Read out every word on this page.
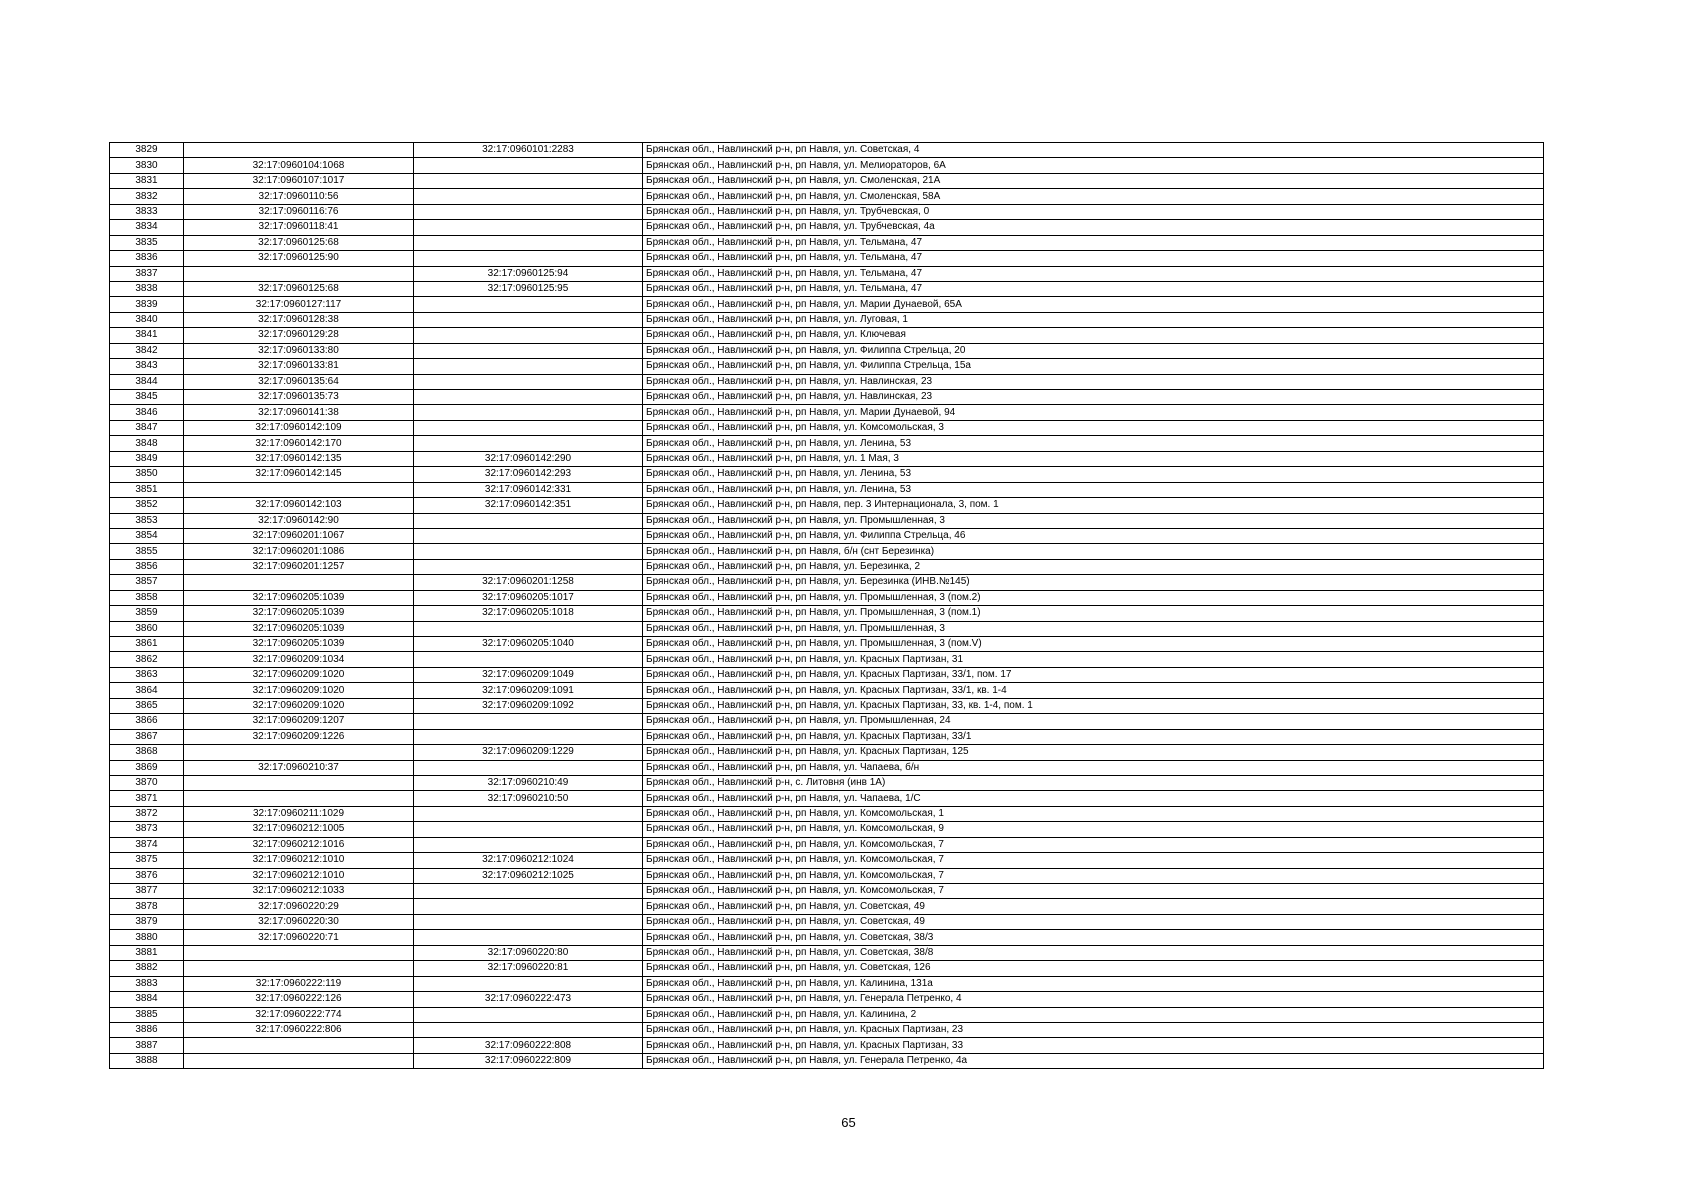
3829		32:17:0960101:2283	Брянская обл., Навлинский р-н, рп Навля, ул. Советская, 4
3830	32:17:0960104:1068		Брянская обл., Навлинский р-н, рп Навля, ул. Мелиораторов, 6А
3831	32:17:0960107:1017		Брянская обл., Навлинский р-н, рп Навля, ул. Смоленская, 21А
3832	32:17:0960110:56		Брянская обл., Навлинский р-н, рп Навля, ул. Смоленская, 58А
3833	32:17:0960116:76		Брянская обл., Навлинский р-н, рп Навля, ул. Трубчевская, 0
3834	32:17:0960118:41		Брянская обл., Навлинский р-н, рп Навля, ул. Трубчевская, 4а
3835	32:17:0960125:68		Брянская обл., Навлинский р-н, рп Навля, ул. Тельмана, 47
3836	32:17:0960125:90		Брянская обл., Навлинский р-н, рп Навля, ул. Тельмана, 47
3837		32:17:0960125:94	Брянская обл., Навлинский р-н, рп Навля, ул. Тельмана, 47
3838	32:17:0960125:68	32:17:0960125:95	Брянская обл., Навлинский р-н, рп Навля, ул. Тельмана, 47
3839	32:17:0960127:117		Брянская обл., Навлинский р-н, рп Навля, ул. Марии Дунаевой, 65А
3840	32:17:0960128:38		Брянская обл., Навлинский р-н, рп Навля, ул. Луговая, 1
3841	32:17:0960129:28		Брянская обл., Навлинский р-н, рп Навля, ул. Ключевая
3842	32:17:0960133:80		Брянская обл., Навлинский р-н, рп Навля, ул. Филиппа Стрельца, 20
3843	32:17:0960133:81		Брянская обл., Навлинский р-н, рп Навля, ул. Филиппа Стрельца, 15а
3844	32:17:0960135:64		Брянская обл., Навлинский р-н, рп Навля, ул. Навлинская, 23
3845	32:17:0960135:73		Брянская обл., Навлинский р-н, рп Навля, ул. Навлинская, 23
3846	32:17:0960141:38		Брянская обл., Навлинский р-н, рп Навля, ул. Марии Дунаевой, 94
3847	32:17:0960142:109		Брянская обл., Навлинский р-н, рп Навля, ул. Комсомольская, 3
3848	32:17:0960142:170		Брянская обл., Навлинский р-н, рп Навля, ул. Ленина, 53
3849	32:17:0960142:135	32:17:0960142:290	Брянская обл., Навлинский р-н, рп Навля, ул. 1 Мая, 3
3850	32:17:0960142:145	32:17:0960142:293	Брянская обл., Навлинский р-н, рп Навля, ул. Ленина, 53
3851		32:17:0960142:331	Брянская обл., Навлинский р-н, рп Навля, ул. Ленина, 53
3852	32:17:0960142:103	32:17:0960142:351	Брянская обл., Навлинский р-н, рп Навля, пер. 3 Интернационала, 3, пом. 1
3853	32:17:0960142:90		Брянская обл., Навлинский р-н, рп Навля, ул. Промышленная, 3
3854	32:17:0960201:1067		Брянская обл., Навлинский р-н, рп Навля, ул. Филиппа Стрельца, 46
3855	32:17:0960201:1086		Брянская обл., Навлинский р-н, рп Навля, б/н (снт Березинка)
3856	32:17:0960201:1257		Брянская обл., Навлинский р-н, рп Навля, ул. Березинка, 2
3857		32:17:0960201:1258	Брянская обл., Навлинский р-н, рп Навля, ул. Березинка (ИНВ.№145)
3858	32:17:0960205:1039	32:17:0960205:1017	Брянская обл., Навлинский р-н, рп Навля, ул. Промышленная, 3 (пом.2)
3859	32:17:0960205:1039	32:17:0960205:1018	Брянская обл., Навлинский р-н, рп Навля, ул. Промышленная, 3 (пом.1)
3860	32:17:0960205:1039		Брянская обл., Навлинский р-н, рп Навля, ул. Промышленная, 3
3861	32:17:0960205:1039	32:17:0960205:1040	Брянская обл., Навлинский р-н, рп Навля, ул. Промышленная, 3 (пом.V)
3862	32:17:0960209:1034		Брянская обл., Навлинский р-н, рп Навля, ул. Красных Партизан, 31
3863	32:17:0960209:1020	32:17:0960209:1049	Брянская обл., Навлинский р-н, рп Навля, ул. Красных Партизан, 33/1, пом. 17
3864	32:17:0960209:1020	32:17:0960209:1091	Брянская обл., Навлинский р-н, рп Навля, ул. Красных Партизан, 33/1, кв. 1-4
3865	32:17:0960209:1020	32:17:0960209:1092	Брянская обл., Навлинский р-н, рп Навля, ул. Красных Партизан, 33, кв. 1-4, пом. 1
3866	32:17:0960209:1207		Брянская обл., Навлинский р-н, рп Навля, ул. Промышленная, 24
3867	32:17:0960209:1226		Брянская обл., Навлинский р-н, рп Навля, ул. Красных Партизан, 33/1
3868		32:17:0960209:1229	Брянская обл., Навлинский р-н, рп Навля, ул. Красных Партизан, 125
3869	32:17:0960210:37		Брянская обл., Навлинский р-н, рп Навля, ул. Чапаева, б/н
3870		32:17:0960210:49	Брянская обл., Навлинский р-н, с. Литовня (инв 1А)
3871		32:17:0960210:50	Брянская обл., Навлинский р-н, рп Навля, ул. Чапаева, 1/С
3872	32:17:0960211:1029		Брянская обл., Навлинский р-н, рп Навля, ул. Комсомольская, 1
3873	32:17:0960212:1005		Брянская обл., Навлинский р-н, рп Навля, ул. Комсомольская, 9
3874	32:17:0960212:1016		Брянская обл., Навлинский р-н, рп Навля, ул. Комсомольская, 7
3875	32:17:0960212:1010	32:17:0960212:1024	Брянская обл., Навлинский р-н, рп Навля, ул. Комсомольская, 7
3876	32:17:0960212:1010	32:17:0960212:1025	Брянская обл., Навлинский р-н, рп Навля, ул. Комсомольская, 7
3877	32:17:0960212:1033		Брянская обл., Навлинский р-н, рп Навля, ул. Комсомольская, 7
3878	32:17:0960220:29		Брянская обл., Навлинский р-н, рп Навля, ул. Советская, 49
3879	32:17:0960220:30		Брянская обл., Навлинский р-н, рп Навля, ул. Советская, 49
3880	32:17:0960220:71		Брянская обл., Навлинский р-н, рп Навля, ул. Советская, 38/3
3881		32:17:0960220:80	Брянская обл., Навлинский р-н, рп Навля, ул. Советская, 38/8
3882		32:17:0960220:81	Брянская обл., Навлинский р-н, рп Навля, ул. Советская, 126
3883	32:17:0960222:119		Брянская обл., Навлинский р-н, рп Навля, ул. Калинина, 131а
3884	32:17:0960222:126	32:17:0960222:473	Брянская обл., Навлинский р-н, рп Навля, ул. Генерала Петренко, 4
3885	32:17:0960222:774		Брянская обл., Навлинский р-н, рп Навля, ул. Калинина, 2
3886	32:17:0960222:806		Брянская обл., Навлинский р-н, рп Навля, ул. Красных Партизан, 23
3887		32:17:0960222:808	Брянская обл., Навлинский р-н, рп Навля, ул. Красных Партизан, 33
3888		32:17:0960222:809	Брянская обл., Навлинский р-н, рп Навля, ул. Генерала Петренко, 4а
65
